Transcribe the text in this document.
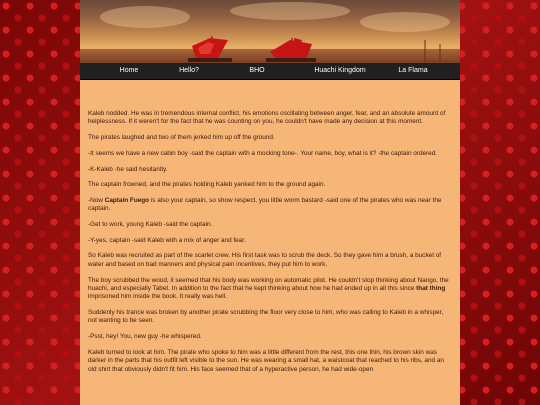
Home	Hello?	BHO	Huachi Kingdom	La Flama

Kaleb nodded. He was in tremendous internal conflict, his emotions oscillating between anger, fear, and an absolute amount of helplessness. If it weren't for the fact that he was counting on you, he couldn't have made any decision at this moment.

The pirates laughed and two of them jerked him up off the ground.

-It seems we have a new cabin boy -said the captain with a mocking tone-. Your name, boy, what is it? -the captain ordered.

-K-Kaleb -he said hesitantly.

The captain frowned, and the pirates holding Kaleb yanked him to the ground again.

-Now Captain Fuego is also your captain, so show respect, you little worm bastard -said one of the pirates who was near the captain.

-Get to work, young Kaleb -said the captain.

-Y-yes, captain -said Kaleb with a mix of anger and fear.

So Kaleb was recruited as part of the scarlet crew. His first task was to scrub the deck. So they gave him a brush, a bucket of water and based on bad manners and physical pain incentives, they put him to work.

The boy scrubbed the wood, it seemed that his body was working on automatic pilot. He couldn't stop thinking about Nango, the huachi, and especially Tabet. In addition to the fact that he kept thinking about how he had ended up in all this since that thing imprisoned him inside the book. It really was hell.

Suddenly his trance was broken by another pirate scrubbing the floor very close to him, who was calling to Kaleb in a whisper, not wanting to be seen.

-Psst, hey! You, new guy -he whispered.

Kaleb turned to look at him. The pirate who spoke to him was a little different from the rest, this one thin, his brown skin was darker in the parts that his outfit left visible to the sun. He was wearing a small hat, a waistcoat that reached to his ribs, and an old shirt that obviously didn't fit him. His face seemed that of a hyperactive person, he had wide-open
